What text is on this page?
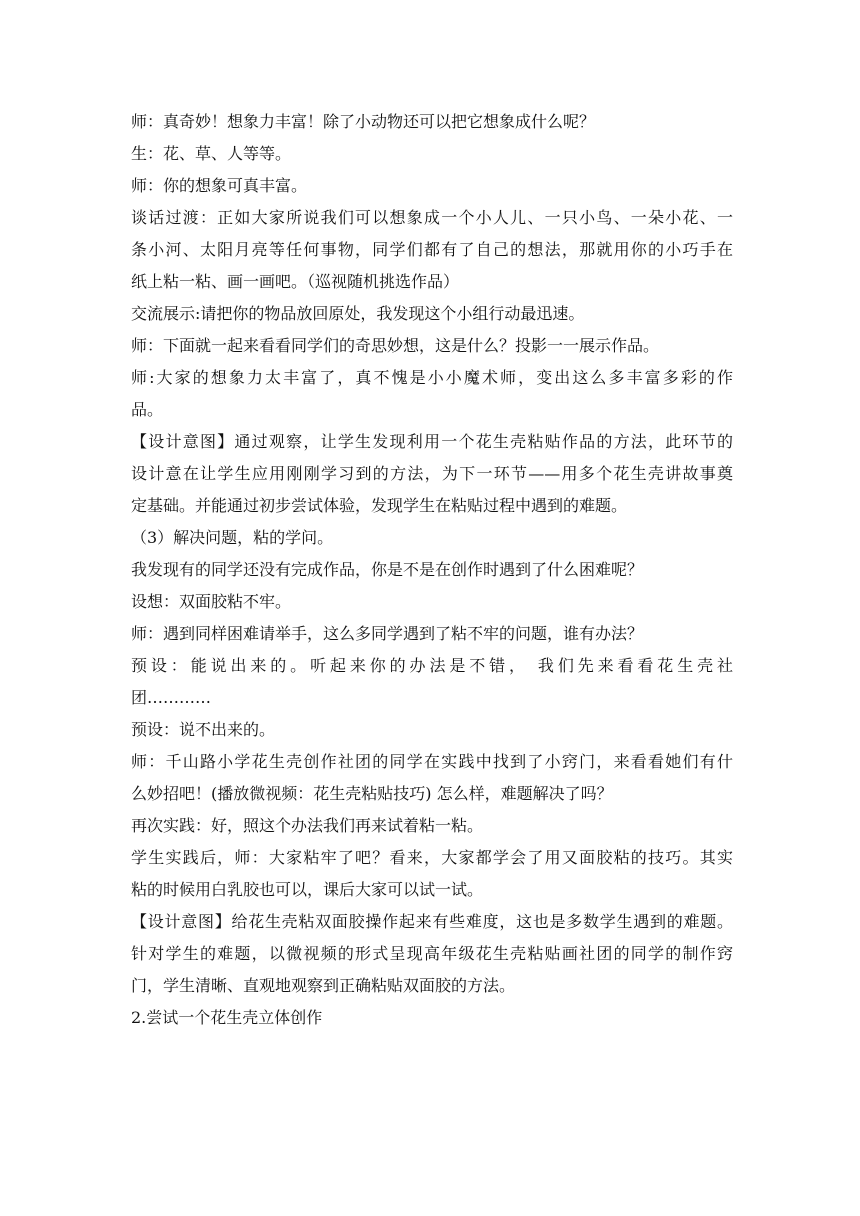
师：真奇妙！想象力丰富！除了小动物还可以把它想象成什么呢？
生：花、草、人等等。
师：你的想象可真丰富。
谈话过渡：正如大家所说我们可以想象成一个小人儿、一只小鸟、一朵小花、一
条小河、太阳月亮等任何事物，同学们都有了自己的想法，那就用你的小巧手在
纸上粘一粘、画一画吧。（巡视随机挑选作品）
交流展示:请把你的物品放回原处，我发现这个小组行动最迅速。
师：下面就一起来看看同学们的奇思妙想，这是什么？投影一一展示作品。
师:大家的想象力太丰富了，真不愧是小小魔术师，变出这么多丰富多彩的作
品。
【设计意图】通过观察，让学生发现利用一个花生壳粘贴作品的方法，此环节的
设计意在让学生应用刚刚学习到的方法，为下一环节——用多个花生壳讲故事奠
定基础。并能通过初步尝试体验，发现学生在粘贴过程中遇到的难题。
（3）解决问题，粘的学问。
我发现有的同学还没有完成作品，你是不是在创作时遇到了什么困难呢？
设想：双面胶粘不牢。
师：遇到同样困难请举手，这么多同学遇到了粘不牢的问题，谁有办法？
预设：能说出来的。听起来你的办法是不错， 我们先来看看花生壳社
团…………
预设：说不出来的。
师：千山路小学花生壳创作社团的同学在实践中找到了小窍门，来看看她们有什
么妙招吧！(播放微视频：花生壳粘贴技巧) 怎么样，难题解决了吗？
再次实践：好，照这个办法我们再来试着粘一粘。
学生实践后，师：大家粘牢了吧？看来，大家都学会了用又面胶粘的技巧。其实
粘的时候用白乳胶也可以，课后大家可以试一试。
【设计意图】给花生壳粘双面胶操作起来有些难度，这也是多数学生遇到的难题。
针对学生的难题，以微视频的形式呈现高年级花生壳粘贴画社团的同学的制作窍
门，学生清晰、直观地观察到正确粘贴双面胶的方法。
2.尝试一个花生壳立体创作
